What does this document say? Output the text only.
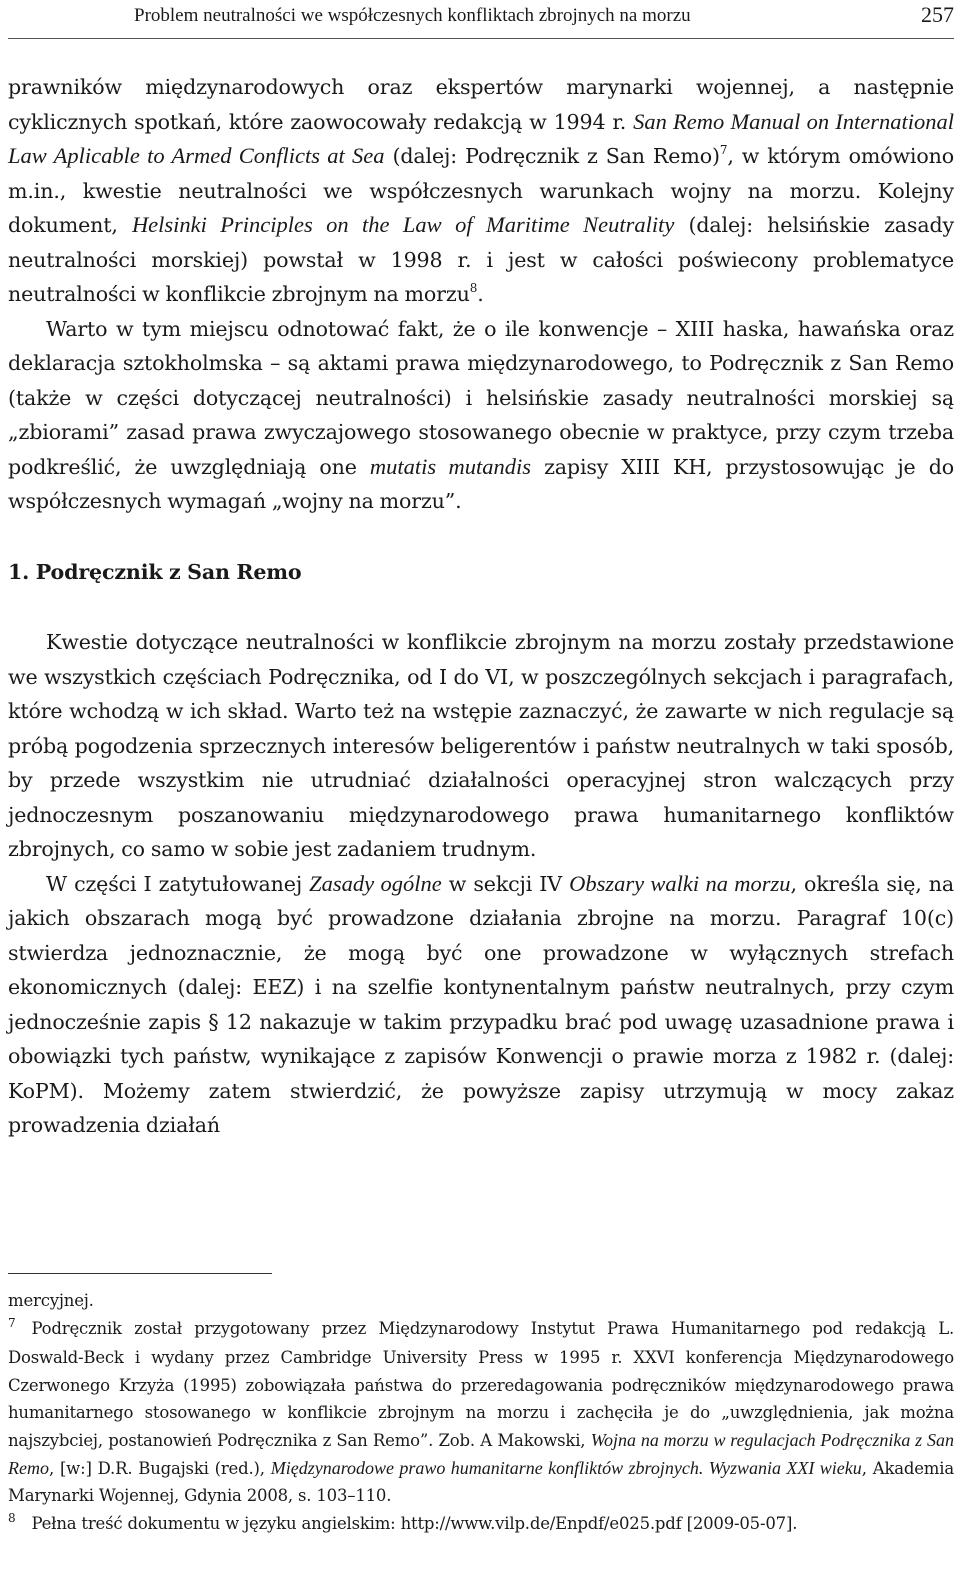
Problem neutralności we współczesnych konfliktach zbrojnych na morzu	257

prawników międzynarodowych oraz ekspertów marynarki wojennej, a następnie cyklicznych spotkań, które zaowocowały redakcją w 1994 r. San Remo Manual on International Law Aplicable to Armed Conflicts at Sea (dalej: Podręcznik z San Remo)$^7$, w którym omówiono m.in., kwestie neutralności we współczesnych warunkach wojny na morzu. Kolejny dokument, Helsinki Principles on the Law of Maritime Neutrality (dalej: helsińskie zasady neutralności morskiej) powstał w 1998 r. i jest w całości poświecony problematyce neutralności w konflikcie zbrojnym na morzu$^8$.

Warto w tym miejscu odnotować fakt, że o ile konwencje – XIII haska, hawańska oraz deklaracja sztokholmska – są aktami prawa międzynarodowego, to Podręcznik z San Remo (także w części dotyczącej neutralności) i helsińskie zasady neutralności morskiej są „zbiorami” zasad prawa zwyczajowego stosowanego obecnie w praktyce, przy czym trzeba podkreślić, że uwzględniają one mutatis mutandis zapisy XIII KH, przystosowując je do współczesnych wymagań „wojny na morzu”.

1. Podręcznik z San Remo

Kwestie dotyczące neutralności w konflikcie zbrojnym na morzu zostały przedstawione we wszystkich częściach Podręcznika, od I do VI, w poszczególnych sekcjach i paragrafach, które wchodzą w ich skład. Warto też na wstępie zaznaczyć, że zawarte w nich regulacje są próbą pogodzenia sprzecznych interesów beligerentów i państw neutralnych w taki sposób, by przede wszystkim nie utrudniać działalności operacyjnej stron walczących przy jednoczesnym poszanowaniu międzynarodowego prawa humanitarnego konfliktów zbrojnych, co samo w sobie jest zadaniem trudnym.

W części I zatytułowanej Zasady ogólne w sekcji IV Obszary walki na morzu, określa się, na jakich obszarach mogą być prowadzone działania zbrojne na morzu. Paragraf 10(c) stwierdza jednoznacznie, że mogą być one prowadzone w wyłącznych strefach ekonomicznych (dalej: EEZ) i na szelfie kontynentalnym państw neutralnych, przy czym jednocześnie zapis § 12 nakazuje w takim przypadku brać pod uwagę uzasadnione prawa i obowiązki tych państw, wynikające z zapisów Konwencji o prawie morza z 1982 r. (dalej: KoPM). Możemy zatem stwierdzić, że powyższe zapisy utrzymują w mocy zakaz prowadzenia działań

mercyjnej.

$^7$ Podręcznik został przygotowany przez Międzynarodowy Instytut Prawa Humanitarnego pod redakcją L. Doswald-Beck i wydany przez Cambridge University Press w 1995 r. XXVI konferencja Międzynarodowego Czerwonego Krzyża (1995) zobowiązała państwa do przeredagowania podręczników międzynarodowego prawa humanitarnego stosowanego w konflikcie zbrojnym na morzu i zachęciła je do „uwzględnienia, jak można najszybciej, postanowień Podręcznika z San Remo”. Zob. A Makowski, Wojna na morzu w regulacjach Podręcznika z San Remo, [w:] D.R. Bugajski (red.), Międzynarodowe prawo humanitarne konfliktów zbrojnych. Wyzwania XXI wieku, Akademia Marynarki Wojennej, Gdynia 2008, s. 103–110.

$^8$ Pełna treść dokumentu w języku angielskim: http://www.vilp.de/Enpdf/e025.pdf [2009-05-07].
